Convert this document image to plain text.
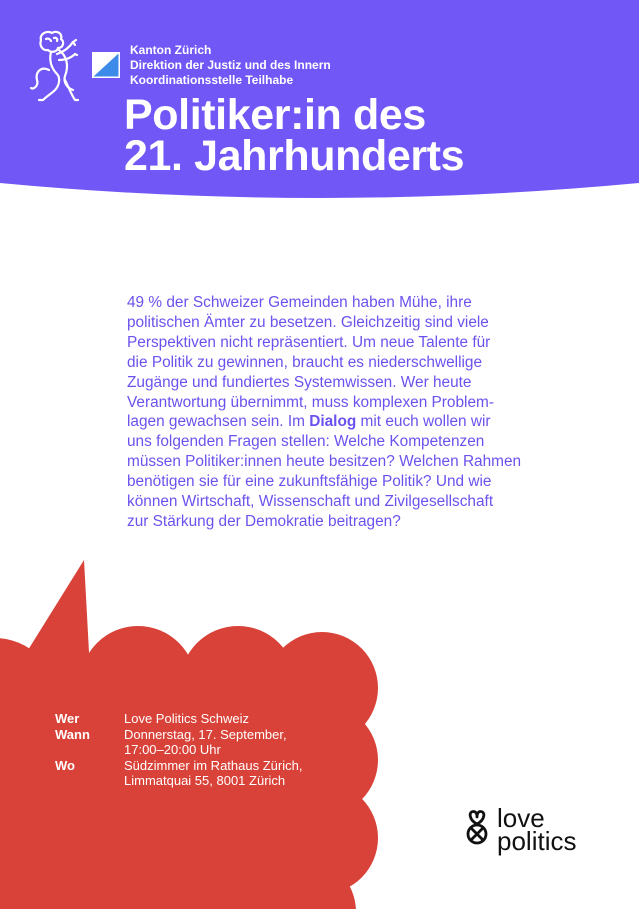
Kanton Zürich
Direktion der Justiz und des Innern
Koordinationsstelle Teilhabe
Politiker:in des
21. Jahrhunderts
49 % der Schweizer Gemeinden haben Mühe, ihre
politischen Ämter zu besetzen. Gleichzeitig sind viele
Perspektiven nicht repräsentiert. Um neue Talente für
die Politik zu gewinnen, braucht es niederschwellige
Zugänge und fundiertes Systemwissen. Wer heute
Verantwortung übernimmt, muss komplexen Problem-
lagen gewachsen sein. Im Dialog mit euch wollen wir
uns folgenden Fragen stellen: Welche Kompetenzen
müssen Politiker:innen heute besitzen? Welchen Rahmen
benötigen sie für eine zukunftsfähige Politik? Und wie
können Wirtschaft, Wissenschaft und Zivilgesellschaft
zur Stärkung der Demokratie beitragen?
Wer	Love Politics Schweiz
Wann	Donnerstag, 17. September,
17:00–20:00 Uhr
Wo	Südzimmer im Rathaus Zürich,
Limmatquai 55, 8001 Zürich
love
politics
